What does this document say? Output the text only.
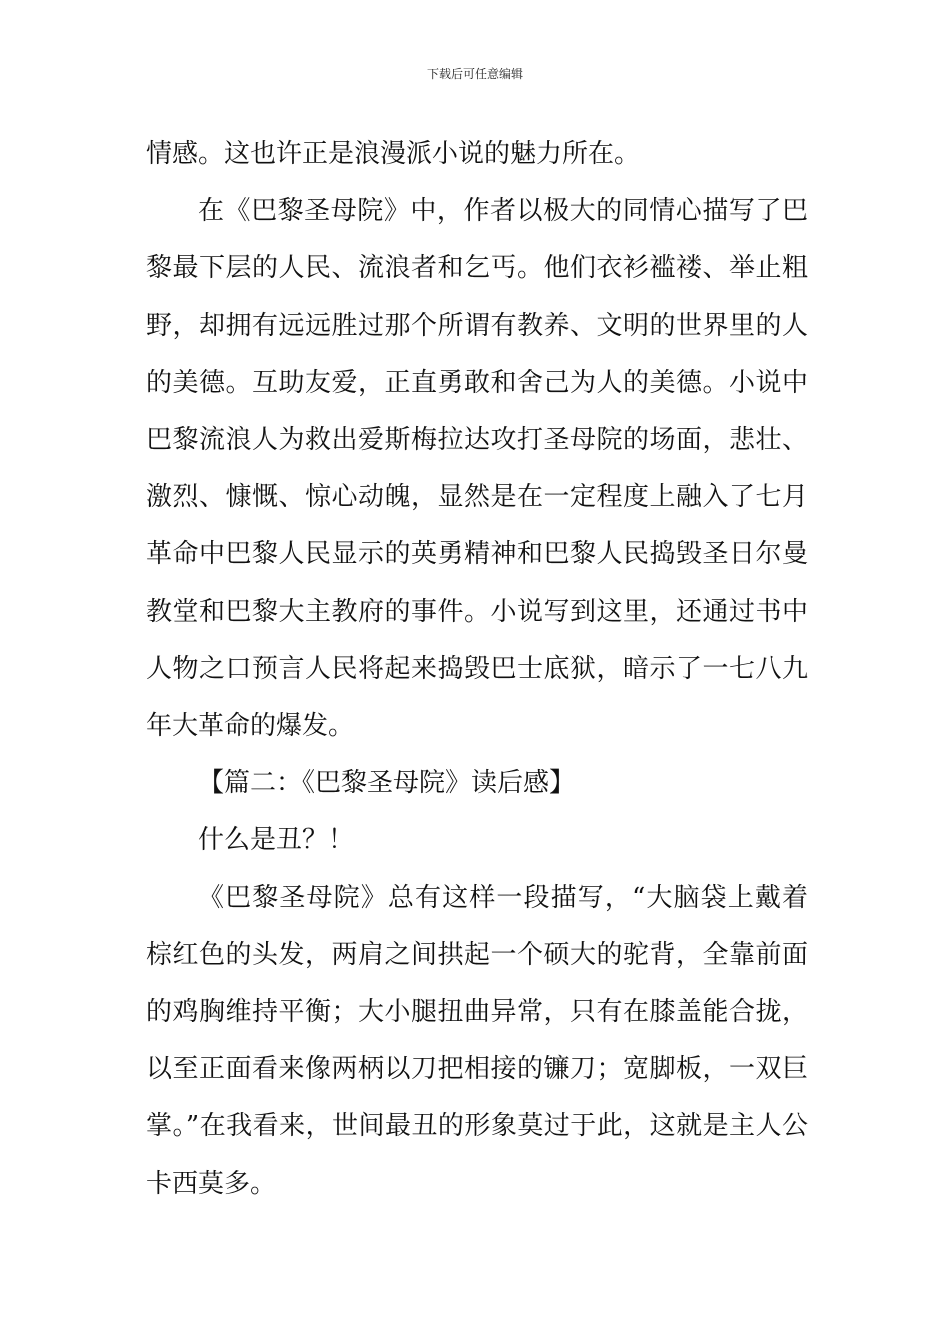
下载后可任意编辑

情感。这也许正是浪漫派小说的魅力所在。

在《巴黎圣母院》中，作者以极大的同情心描写了巴黎最下层的人民、流浪者和乞丐。他们衣衫褴褛、举止粗野，却拥有远远胜过那个所谓有教养、文明的世界里的人的美德。互助友爱，正直勇敢和舍己为人的美德。小说中巴黎流浪人为救出爱斯梅拉达攻打圣母院的场面，悲壮、激烈、慷慨、惊心动魄，显然是在一定程度上融入了七月革命中巴黎人民显示的英勇精神和巴黎人民捣毁圣日尔曼教堂和巴黎大主教府的事件。小说写到这里，还通过书中人物之口预言人民将起来捣毁巴士底狱，暗示了一七八九年大革命的爆发。

【篇二：《巴黎圣母院》读后感】

什么是丑？！

《巴黎圣母院》总有这样一段描写，“大脑袋上戴着棕红色的头发，两肩之间拱起一个硕大的驼背，全靠前面的鸡胸维持平衡；大小腿扭曲异常，只有在膝盖能合拢，以至正面看来像两柄以刀把相接的镰刀；宽脚板，一双巨掌。”在我看来，世间最丑的形象莫过于此，这就是主人公卡西莫多。
